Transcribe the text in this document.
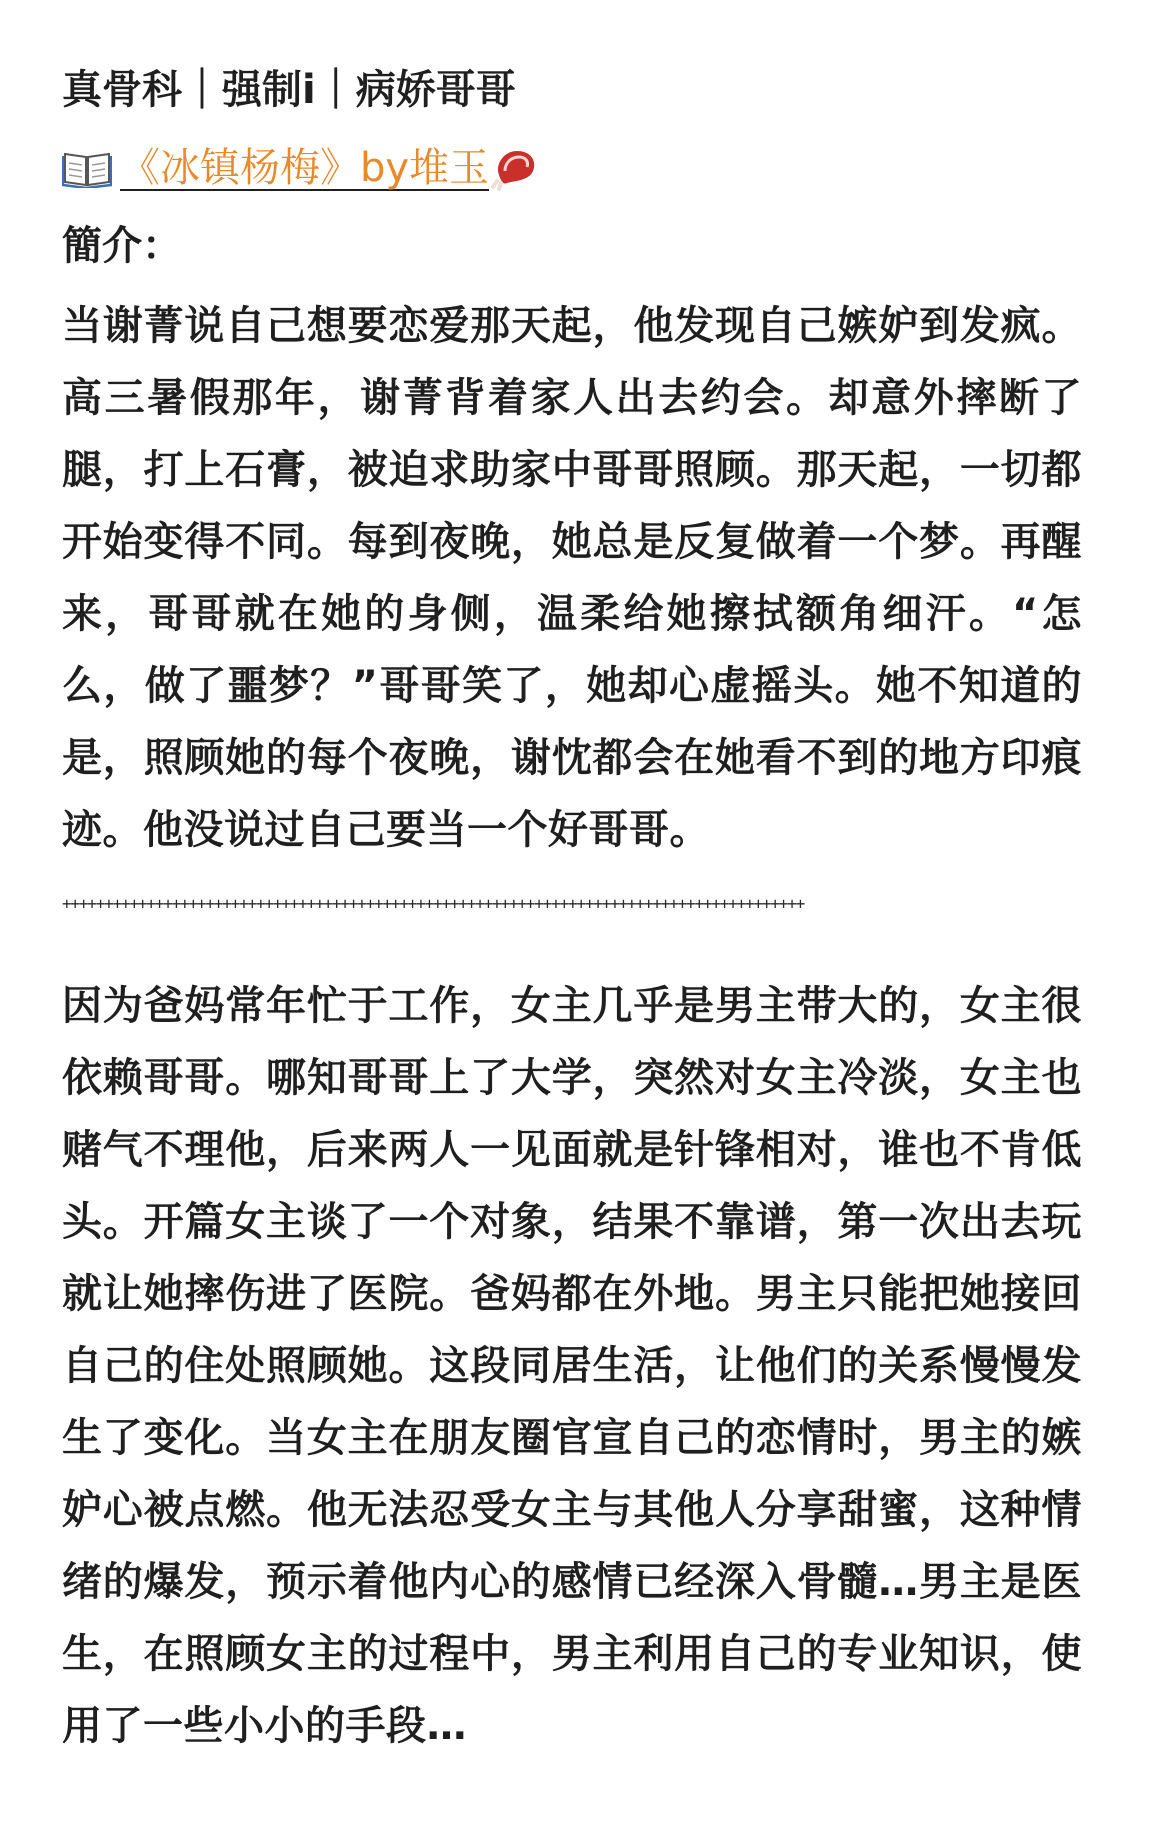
真骨科｜强制i｜病娇哥哥
《冰镇杨梅》by堆玉
簡介：
当谢菁说自己想要恋爱那天起，他发现自己嫉妒到发疯。高三暑假那年，谢菁背着家人出去约会。却意外摔断了腿，打上石膏，被迫求助家中哥哥照顾。那天起，一切都开始变得不同。每到夜晚，她总是反复做着一个梦。再醒来，哥哥就在她的身侧，温柔给她擦拭额角细汗。“怎么，做了噩梦？”哥哥笑了，她却心虚摇头。她不知道的是，照顾她的每个夜晚，谢忱都会在她看不到的地方印痕迹。他没说过自己要当一个好哥哥。
++++++++++++++++++++++++++++++++++++++++++++++++++++++++++++++++++++++++++++++++++++++++
因为爸妈常年忙于工作，女主几乎是男主带大的，女主很依赖哥哥。哪知哥哥上了大学，突然对女主冷淡，女主也赌气不理他，后来两人一见面就是针锋相对，谁也不肯低头。开篇女主谈了一个对象，结果不靠谱，第一次出去玩就让她摔伤进了医院。爸妈都在外地。男主只能把她接回自己的住处照顾她。这段同居生活，让他们的关系慢慢发生了变化。当女主在朋友圈官宣自己的恋情时，男主的嫉妒心被点燃。他无法忍受女主与其他人分享甜蜜，这种情绪的爆发，预示着他内心的感情已经深入骨髓…男主是医生，在照顾女主的过程中，男主利用自己的专业知识，使用了一些小小的手段…
